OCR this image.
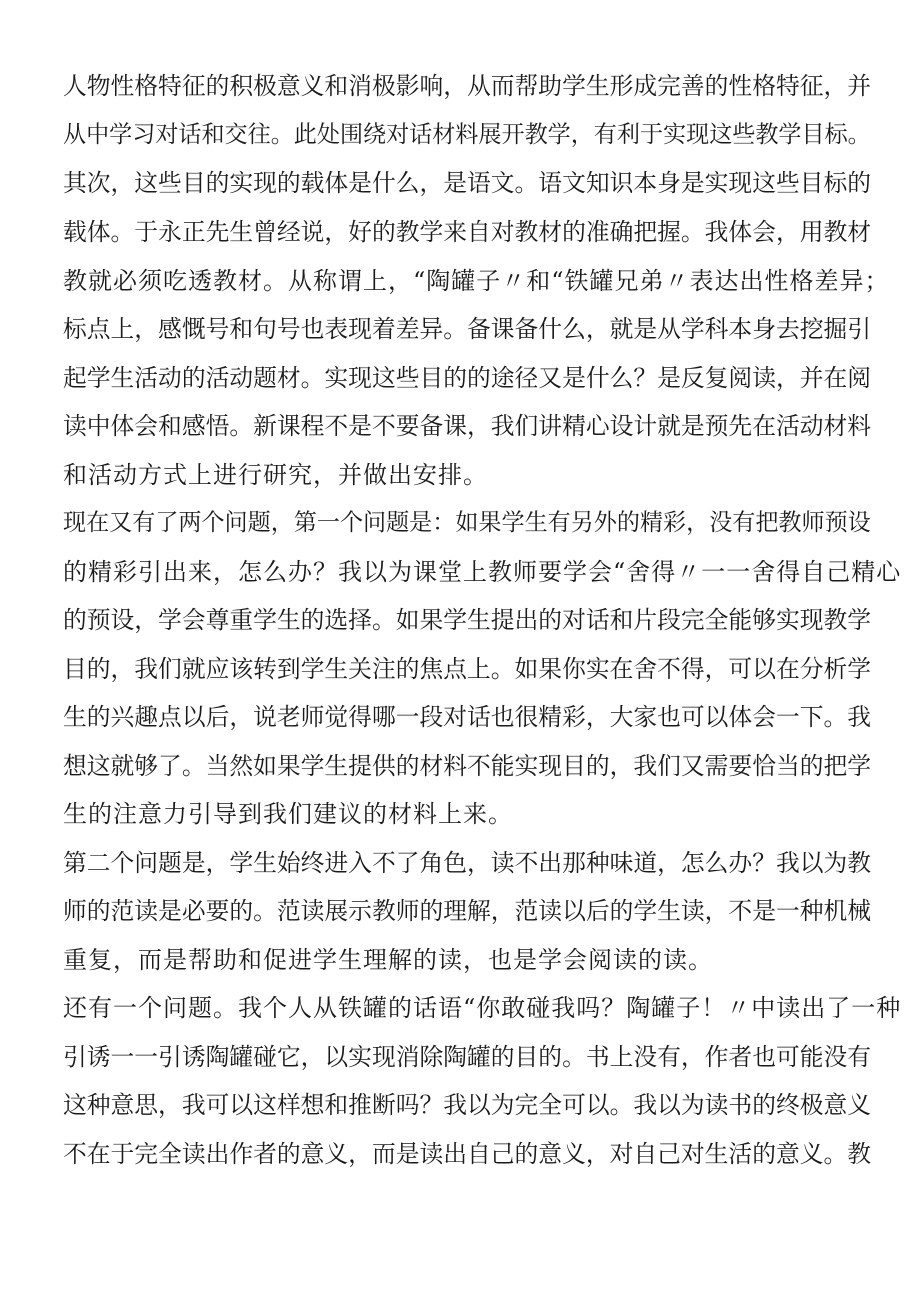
人物性格特征的积极意义和消极影响，从而帮助学生形成完善的性格特征，并
从中学习对话和交往。此处围绕对话材料展开教学，有利于实现这些教学目标。
其次，这些目的实现的载体是什么，是语文。语文知识本身是实现这些目标的
载体。于永正先生曾经说，好的教学来自对教材的准确把握。我体会，用教材
教就必须吃透教材。从称谓上，“陶罐子〃和“铁罐兄弟〃表达出性格差异；
标点上，感慨号和句号也表现着差异。备课备什么，就是从学科本身去挖掘引
起学生活动的活动题材。实现这些目的的途径又是什么？是反复阅读，并在阅
读中体会和感悟。新课程不是不要备课，我们讲精心设计就是预先在活动材料
和活动方式上进行研究，并做出安排。
现在又有了两个问题，第一个问题是：如果学生有另外的精彩，没有把教师预设
的精彩引出来，怎么办？我以为课堂上教师要学会“舍得〃一一舍得自己精心
的预设，学会尊重学生的选择。如果学生提出的对话和片段完全能够实现教学
目的，我们就应该转到学生关注的焦点上。如果你实在舍不得，可以在分析学
生的兴趣点以后，说老师觉得哪一段对话也很精彩，大家也可以体会一下。我
想这就够了。当然如果学生提供的材料不能实现目的，我们又需要恰当的把学
生的注意力引导到我们建议的材料上来。
第二个问题是，学生始终进入不了角色，读不出那种味道，怎么办？我以为教
师的范读是必要的。范读展示教师的理解，范读以后的学生读，不是一种机械
重复，而是帮助和促进学生理解的读，也是学会阅读的读。
还有一个问题。我个人从铁罐的话语“你敢碰我吗？陶罐子！〃中读出了一种
引诱一一引诱陶罐碰它，以实现消除陶罐的目的。书上没有，作者也可能没有
这种意思，我可以这样想和推断吗？我以为完全可以。我以为读书的终极意义
不在于完全读出作者的意义，而是读出自己的意义，对自己对生活的意义。教
